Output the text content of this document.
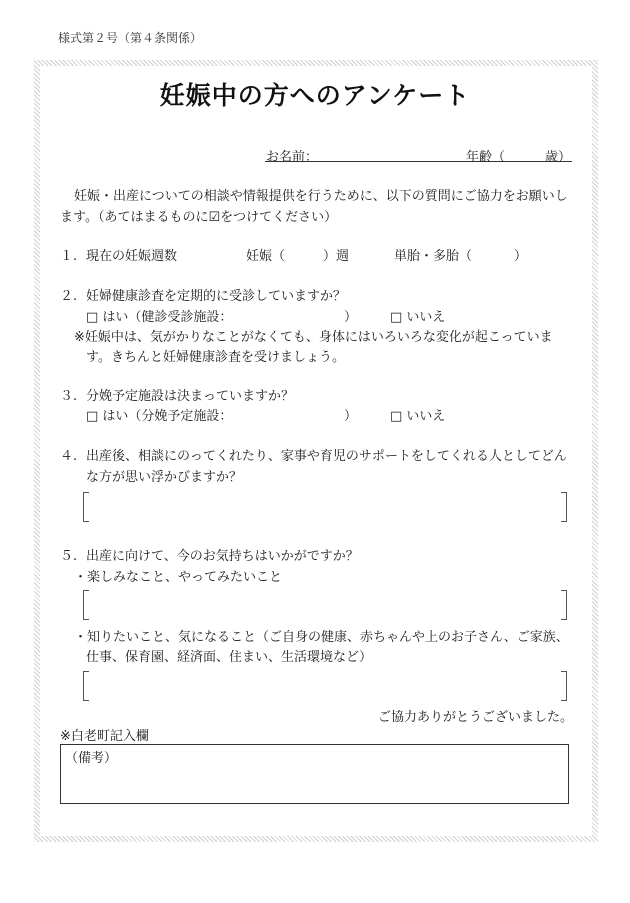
様式第２号（第４条関係）
妊娠中の方へのアンケート
お名前：	年齢（	歳）
妊娠・出産についての相談や情報提供を行うために、以下の質問にご協力をお願いし
ます。（あてはまるものに☑をつけてください）
１. 現在の妊娠週数	妊娠（	）週	単胎・多胎（	）
２. 妊婦健康診査を定期的に受診していますか？
□ はい（健診受診施設：	）	□ いいえ
※妊娠中は、気がかりなことがなくても、身体にはいろいろな変化が起こっていま
す。きちんと妊婦健康診査を受けましょう。
３. 分娩予定施設は決まっていますか？
□ はい（分娩予定施設：	）	□ いいえ
４. 出産後、相談にのってくれたり、家事や育児のサポートをしてくれる人としてどん
な方が思い浮かびますか？
５. 出産に向けて、今のお気持ちはいかがですか？
・楽しみなこと、やってみたいこと
・知りたいこと、気になること（ご自身の健康、赤ちゃんや上のお子さん、ご家族、
仕事、保育園、経済面、住まい、生活環境など）
ご協力ありがとうございました。
※白老町記入欄
（備考）
